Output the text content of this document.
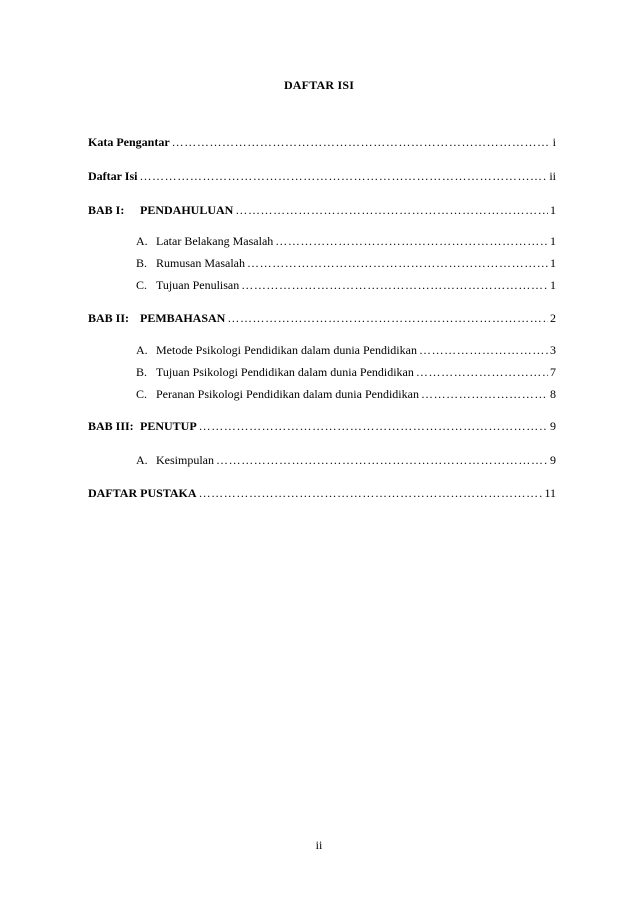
DAFTAR ISI
Kata Pengantar ………………………………………………………………………………………………………………………………………………………………………………	i
Daftar Isi ………………………………………………………………………………………………………………………………………………………………………………	ii
BAB I:	PENDAHULUAN ………………………………………………………………………………………………………………………………………………………………………………	1
A. Latar Belakang Masalah ………………………………………………………………………………………………………………………………………………………………………………	1
B. Rumusan Masalah ………………………………………………………………………………………………………………………………………………………………………………	1
C. Tujuan Penulisan ………………………………………………………………………………………………………………………………………………………………………………	1
BAB II: PEMBAHASAN ………………………………………………………………………………………………………………………………………………………………………………	2
A. Metode Psikologi Pendidikan dalam dunia Pendidikan ………………………………………………………………………………………………………………………………………………………………………………	3
B. Tujuan Psikologi Pendidikan dalam dunia Pendidikan ………………………………………………………………………………………………………………………………………………………………………………	7
C. Peranan Psikologi Pendidikan dalam dunia Pendidikan ………………………………………………………………………………………………………………………………………………………………………………	8
BAB III: PENUTUP ………………………………………………………………………………………………………………………………………………………………………………	9
A. Kesimpulan ………………………………………………………………………………………………………………………………………………………………………………	9
DAFTAR PUSTAKA ………………………………………………………………………………………………………………………………………………………………………………	11
ii
